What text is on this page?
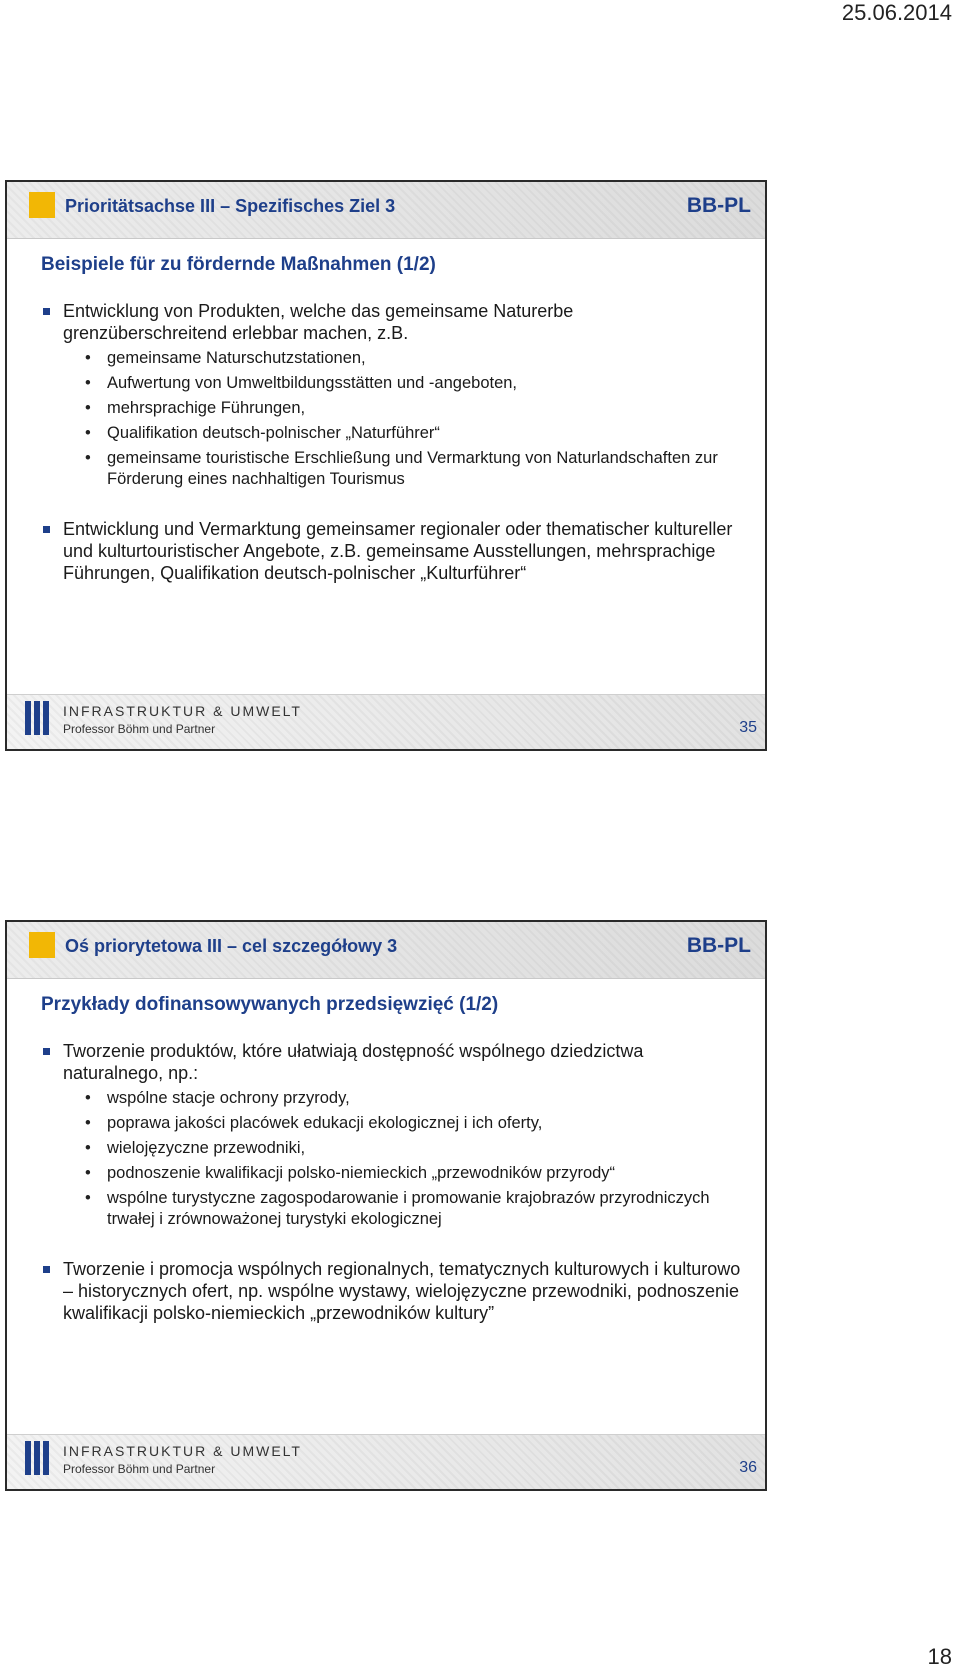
25.06.2014
Prioritätsachse III – Spezifisches Ziel 3	BB-PL
Beispiele für zu fördernde Maßnahmen (1/2)
Entwicklung von Produkten, welche das gemeinsame Naturerbe grenzüberschreitend erlebbar machen, z.B.
• gemeinsame Naturschutzstationen,
• Aufwertung von Umweltbildungsstätten und -angeboten,
• mehrsprachige Führungen,
• Qualifikation deutsch-polnischer „Naturführer“
• gemeinsame touristische Erschließung und Vermarktung von Naturlandschaften zur Förderung eines nachhaltigen Tourismus
Entwicklung und Vermarktung gemeinsamer regionaler oder thematischer kultureller und kulturtouristischer Angebote, z.B. gemeinsame Ausstellungen, mehrsprachige Führungen, Qualifikation deutsch-polnischer „Kulturführer“
INFRASTRUKTUR & UMWELT
Professor Böhm und Partner	35
Oś priorytetowa III – cel szczegółowy 3	BB-PL
Przykłady dofinansowywanych przedsięwzięć (1/2)
Tworzenie produktów, które ułatwiają dostępność wspólnego dziedzictwa naturalnego, np.:
• wspólne stacje ochrony przyrody,
• poprawa jakości placówek edukacji ekologicznej i ich oferty,
• wielojęzyczne przewodniki,
• podnoszenie kwalifikacji polsko-niemieckich „przewodników przyrody“
• wspólne turystyczne zagospodarowanie i promowanie krajobrazów przyrodniczych trwałej i zrównoważonej turystyki ekologicznej
Tworzenie i promocja wspólnych regionalnych, tematycznych kulturowych i kulturowo – historycznych ofert, np. wspólne wystawy, wielojęzyczne przewodniki, podnoszenie kwalifikacji polsko-niemieckich „przewodników kultury”
INFRASTRUKTUR & UMWELT
Professor Böhm und Partner	36
18
